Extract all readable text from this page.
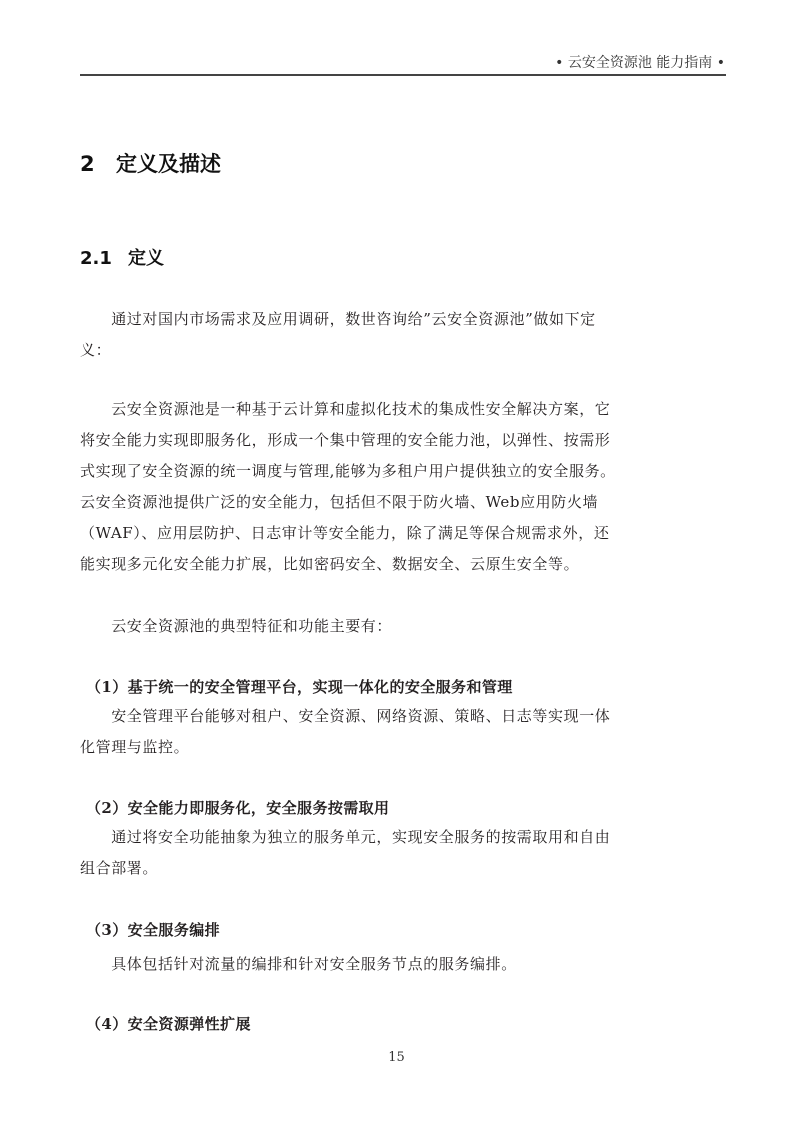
• 云安全资源池 能力指南 •
2 定义及描述
2.1 定义
　　通过对国内市场需求及应用调研，数世咨询给”云安全资源池”做如下定
义：
　　云安全资源池是一种基于云计算和虚拟化技术的集成性安全解决方案，它
将安全能力实现即服务化，形成一个集中管理的安全能力池，以弹性、按需形
式实现了安全资源的统一调度与管理,能够为多租户用户提供独立的安全服务。
云安全资源池提供广泛的安全能力，包括但不限于防火墙、Web应用防火墙
（WAF）、应用层防护、日志审计等安全能力，除了满足等保合规需求外，还
能实现多元化安全能力扩展，比如密码安全、数据安全、云原生安全等。
　　云安全资源池的典型特征和功能主要有：
（1）基于统一的安全管理平台，实现一体化的安全服务和管理
　　安全管理平台能够对租户、安全资源、网络资源、策略、日志等实现一体
化管理与监控。
（2）安全能力即服务化，安全服务按需取用
　　通过将安全功能抽象为独立的服务单元，实现安全服务的按需取用和自由
组合部署。
（3）安全服务编排
　　具体包括针对流量的编排和针对安全服务节点的服务编排。
（4）安全资源弹性扩展
15
